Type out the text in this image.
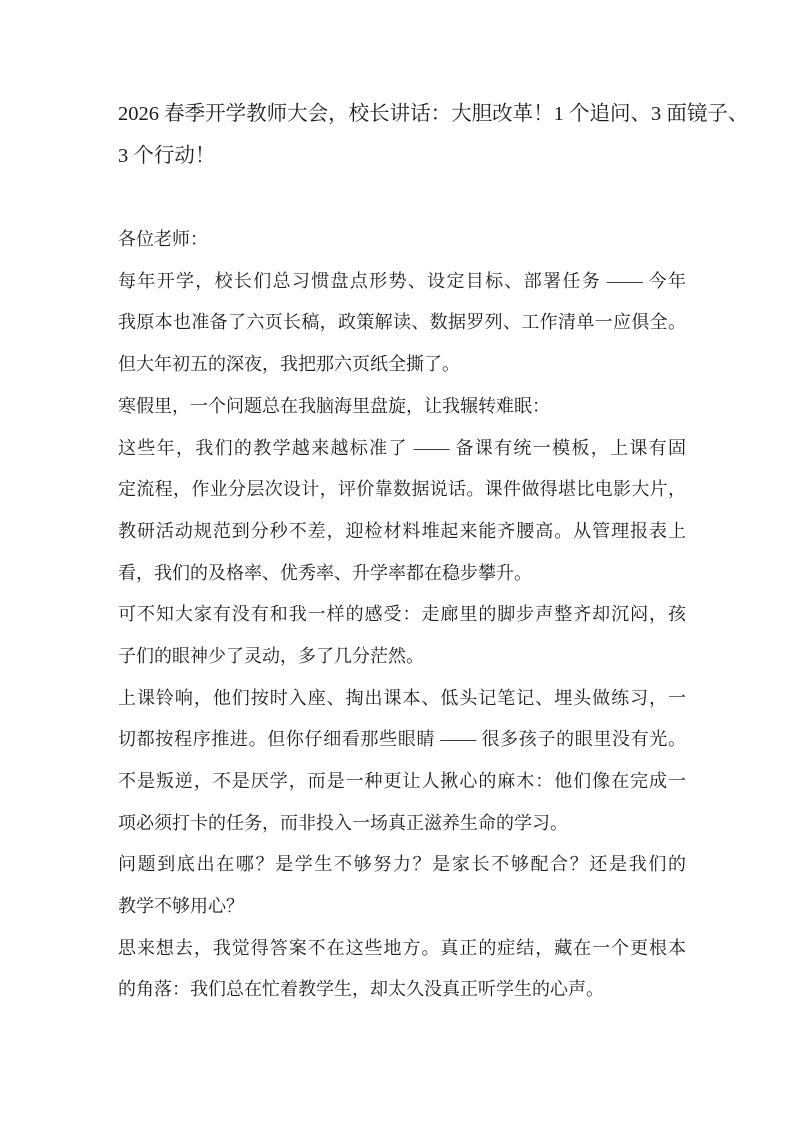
2026 春季开学教师大会，校长讲话：大胆改革！1 个追问、3 面镜子、
3 个行动！

各位老师：
每年开学，校长们总习惯盘点形势、设定目标、部署任务 —— 今年
我原本也准备了六页长稿，政策解读、数据罗列、工作清单一应俱全。
但大年初五的深夜，我把那六页纸全撕了。
寒假里，一个问题总在我脑海里盘旋，让我辗转难眠：
这些年，我们的教学越来越标准了 —— 备课有统一模板，上课有固
定流程，作业分层次设计，评价靠数据说话。课件做得堪比电影大片，
教研活动规范到分秒不差，迎检材料堆起来能齐腰高。从管理报表上
看，我们的及格率、优秀率、升学率都在稳步攀升。
可不知大家有没有和我一样的感受：走廊里的脚步声整齐却沉闷，孩
子们的眼神少了灵动，多了几分茫然。
上课铃响，他们按时入座、掏出课本、低头记笔记、埋头做练习，一
切都按程序推进。但你仔细看那些眼睛 —— 很多孩子的眼里没有光。
不是叛逆，不是厌学，而是一种更让人揪心的麻木：他们像在完成一
项必须打卡的任务，而非投入一场真正滋养生命的学习。
问题到底出在哪？是学生不够努力？是家长不够配合？还是我们的
教学不够用心？
思来想去，我觉得答案不在这些地方。真正的症结，藏在一个更根本
的角落：我们总在忙着教学生，却太久没真正听学生的心声。
